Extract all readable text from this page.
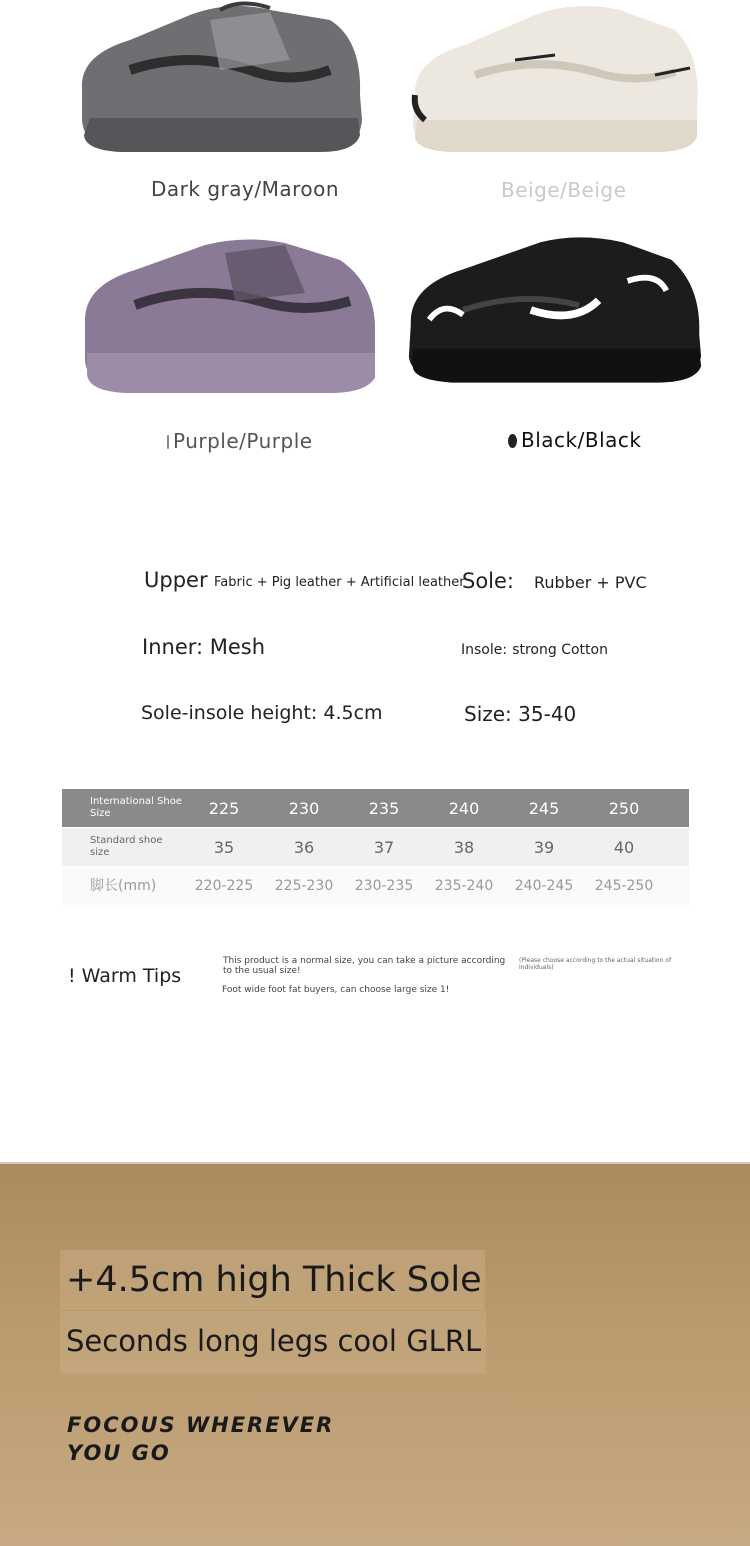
Dark gray/Maroon	Beige/Beige
Purple/Purple	Black/Black
Upper Fabric + Pig leather + Artificial leather
Sole: Rubber + PVC
Inner: Mesh	Insole: strong Cotton
Sole-insole height: 4.5cm	Size: 35-40
International Shoe Size	225	230	235	240	245	250
Standard shoe size	35	36	37	38	39	40
脚长(mm)	220-225	225-230	230-235	235-240	240-245	245-250
! Warm Tips
This product is a normal size, you can take a picture according to the usual size!
Foot wide foot fat buyers, can choose large size 1!
(Please choose according to the actual situation of individuals)
+4.5cm high Thick Sole
Seconds long legs cool GLRL
FOCOUS WHEREVER
YOU GO
